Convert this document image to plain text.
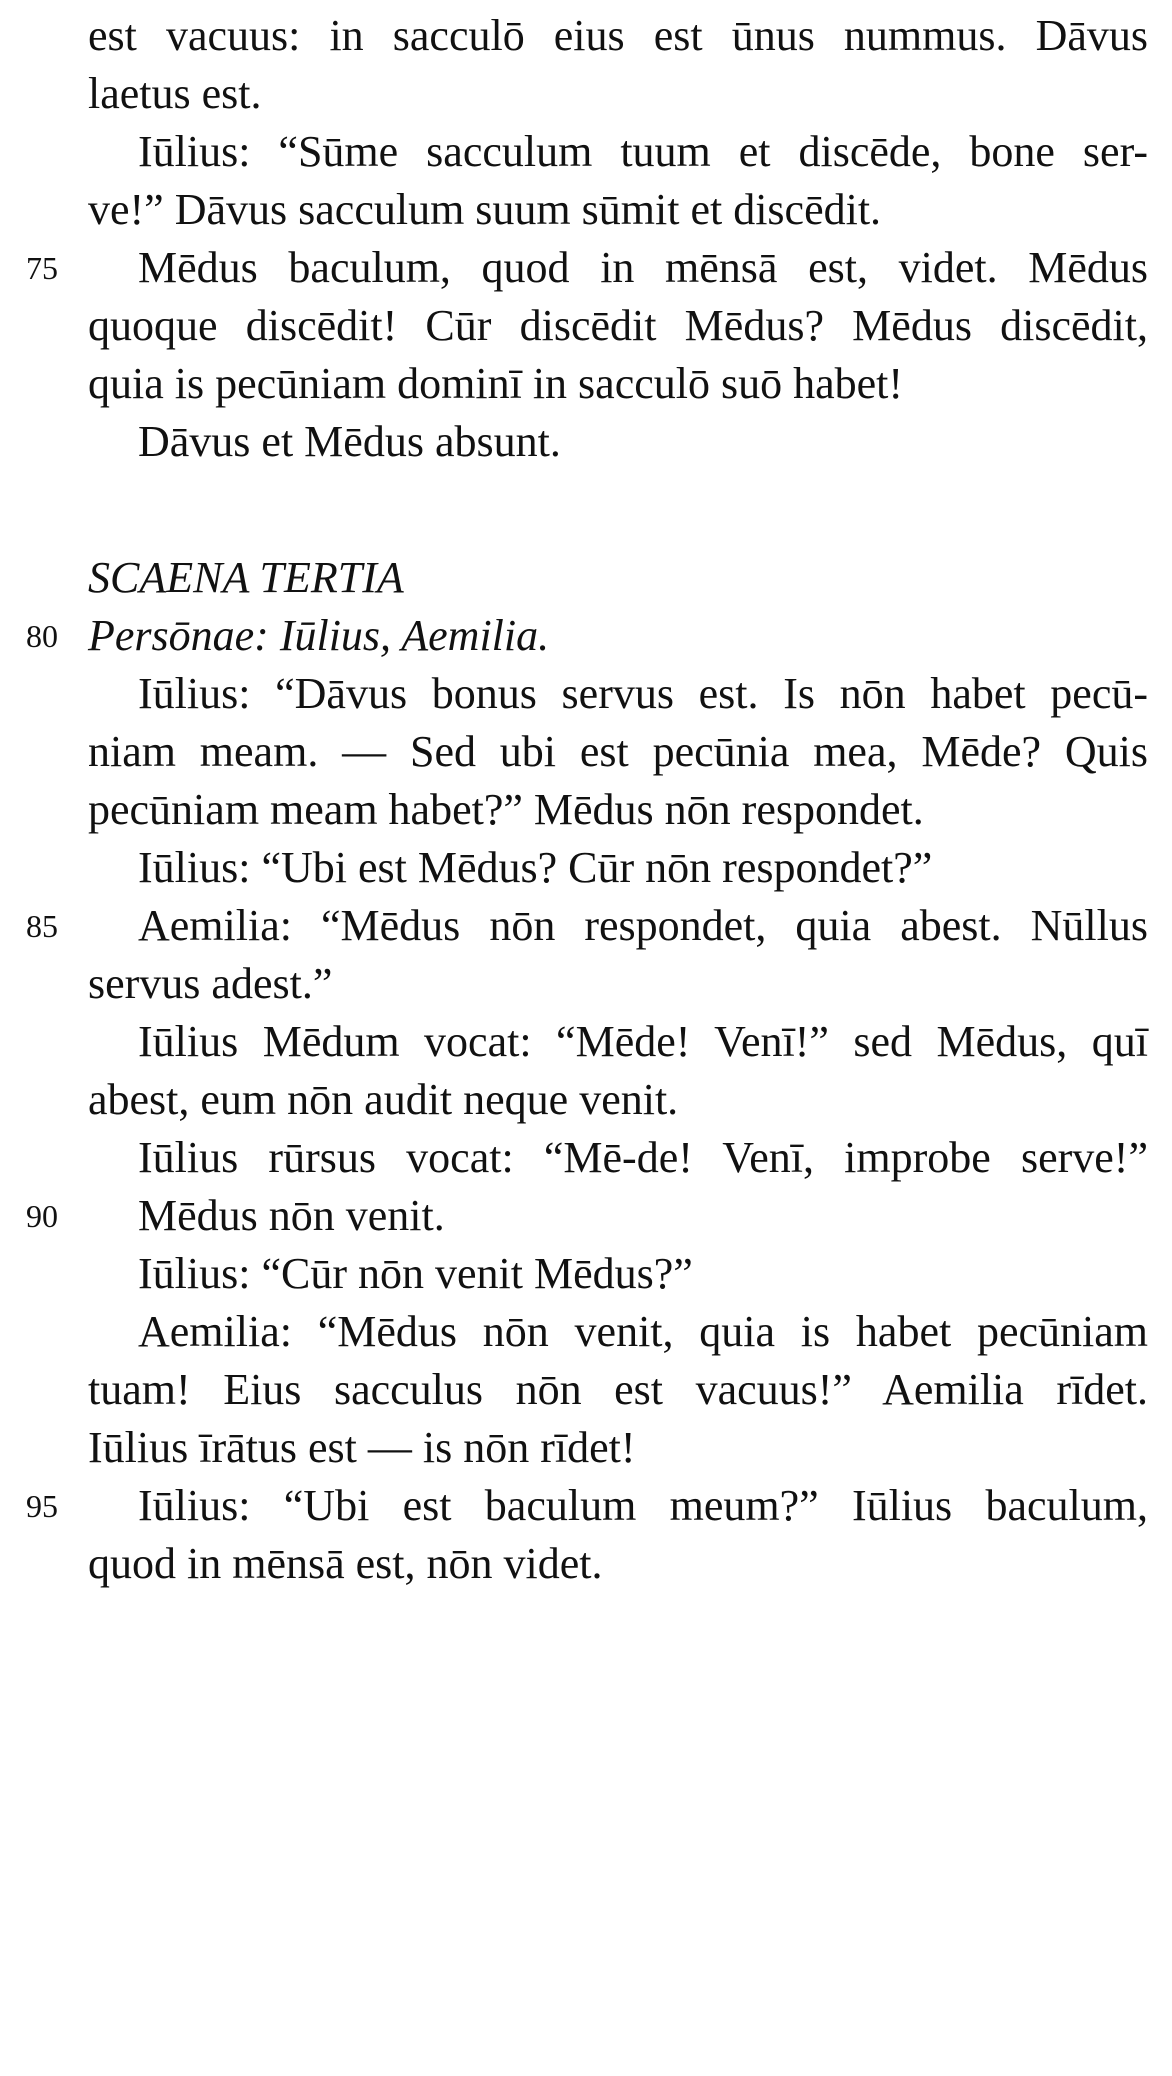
est vacuus: in sacculō eius est ūnus nummus. Dāvus
laetus est.
Iūlius: “Sūme sacculum tuum et discēde, bone ser-
ve!” Dāvus sacculum suum sūmit et discēdit.
75 Mēdus baculum, quod in mēnsā est, videt. Mēdus
quoque discēdit! Cūr discēdit Mēdus? Mēdus discēdit,
quia is pecūniam dominī in sacculō suō habet!
Dāvus et Mēdus absunt.
SCAENA TERTIA
80 Persōnae: Iūlius, Aemilia.
Iūlius: “Dāvus bonus servus est. Is nōn habet pecū-
niam meam. — Sed ubi est pecūnia mea, Mēde? Quis
pecūniam meam habet?” Mēdus nōn respondet.
Iūlius: “Ubi est Mēdus? Cūr nōn respondet?”
85 Aemilia: “Mēdus nōn respondet, quia abest. Nūllus
servus adest.”
Iūlius Mēdum vocat: “Mēde! Venī!” sed Mēdus, quī
abest, eum nōn audit neque venit.
Iūlius rūrsus vocat: “Mē-de! Venī, improbe serve!”
90 Mēdus nōn venit.
Iūlius: “Cūr nōn venit Mēdus?”
Aemilia: “Mēdus nōn venit, quia is habet pecūniam
tuam! Eius sacculus nōn est vacuus!” Aemilia rīdet.
Iūlius īrātus est — is nōn rīdet!
95 Iūlius: “Ubi est baculum meum?” Iūlius baculum,
quod in mēnsā est, nōn videt.
